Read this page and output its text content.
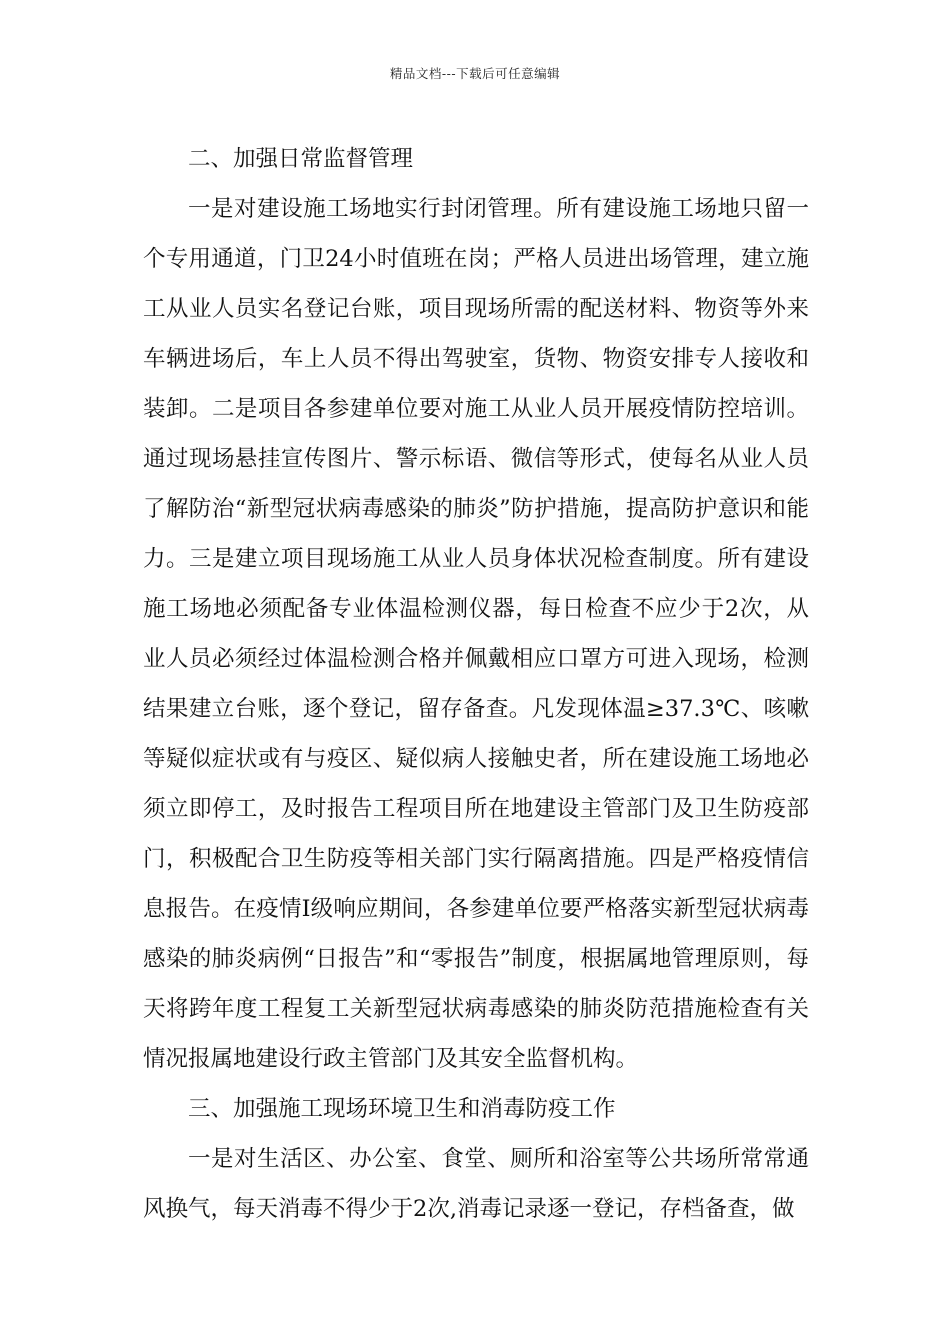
精品文档---下载后可任意编辑

二、加强日常监督管理

一是对建设施工场地实行封闭管理。所有建设施工场地只留一个专用通道，门卫24小时值班在岗；严格人员进出场管理，建立施工从业人员实名登记台账，项目现场所需的配送材料、物资等外来车辆进场后，车上人员不得出驾驶室，货物、物资安排专人接收和装卸。二是项目各参建单位要对施工从业人员开展疫情防控培训。通过现场悬挂宣传图片、警示标语、微信等形式，使每名从业人员了解防治“新型冠状病毒感染的肺炎”防护措施，提高防护意识和能力。三是建立项目现场施工从业人员身体状况检查制度。所有建设施工场地必须配备专业体温检测仪器，每日检查不应少于2次，从业人员必须经过体温检测合格并佩戴相应口罩方可进入现场，检测结果建立台账，逐个登记，留存备查。凡发现体温≥37.3℃、咳嗽等疑似症状或有与疫区、疑似病人接触史者，所在建设施工场地必须立即停工，及时报告工程项目所在地建设主管部门及卫生防疫部门，积极配合卫生防疫等相关部门实行隔离措施。四是严格疫情信息报告。在疫情Ⅰ级响应期间，各参建单位要严格落实新型冠状病毒感染的肺炎病例“日报告”和“零报告”制度，根据属地管理原则，每天将跨年度工程复工关新型冠状病毒感染的肺炎防范措施检查有关情况报属地建设行政主管部门及其安全监督机构。

三、加强施工现场环境卫生和消毒防疫工作

一是对生活区、办公室、食堂、厕所和浴室等公共场所常常通风换气，每天消毒不得少于2次,消毒记录逐一登记，存档备查，做
